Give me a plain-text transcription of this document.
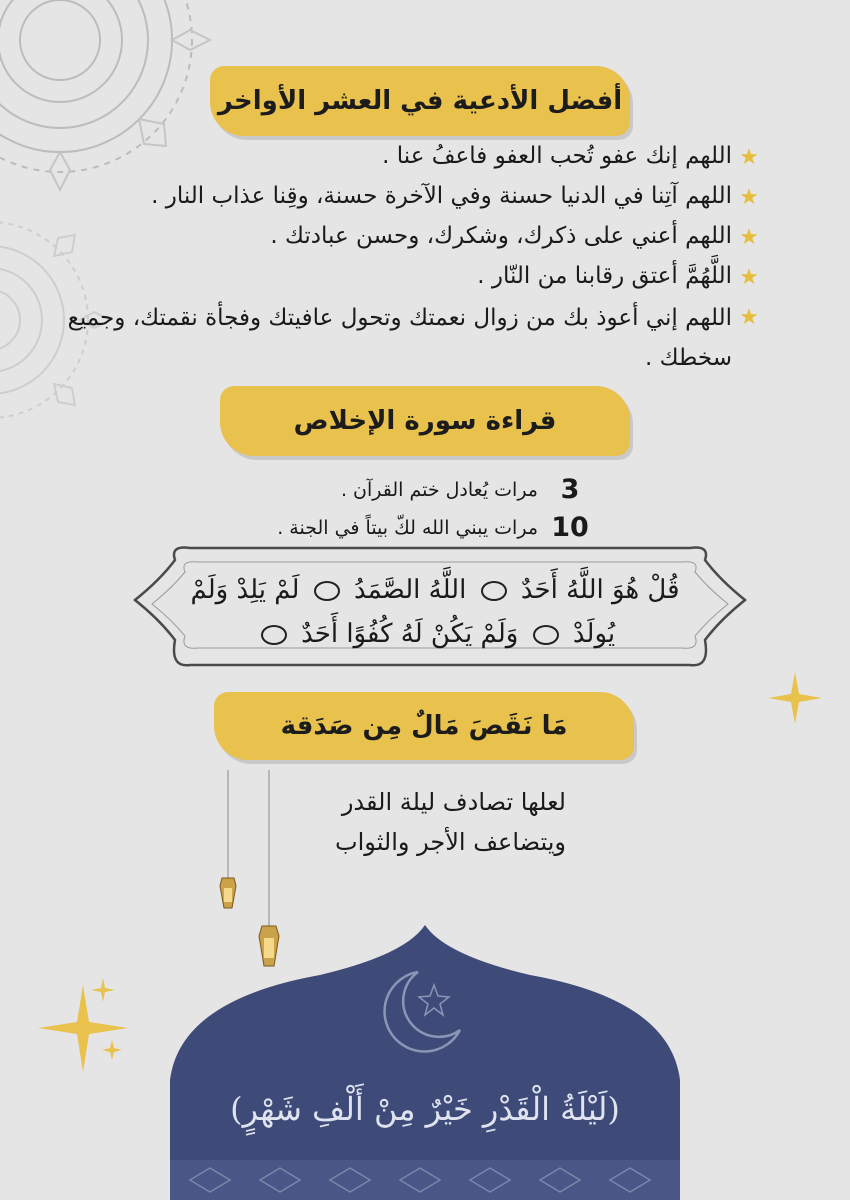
أفضل الأدعية في العشر الأواخر
★
اللهم إنك عفو تُحب العفو فاعفُ عنا .
★
اللهم آتِنا في الدنيا حسنة وفي الآخرة حسنة، وقِنا عذاب النار .
★
اللهم أعني على ذكرك، وشكرك، وحسن عبادتك .
★
اللَّهُمَّ أعتق رقابنا من النّار .
★
اللهم إني أعوذ بك من زوال نعمتك وتحول عافيتك وفجأة نقمتك، وجميع سخطك .
قراءة سورة الإخلاص
3
مرات يُعادل ختم القرآن .
10
مرات يبني الله لكّ بيتاً في الجنة .
قُلْ هُوَ اللَّهُ أَحَدٌ  اللَّهُ الصَّمَدُ  لَمْ يَلِدْ وَلَمْ
يُولَدْ  وَلَمْ يَكُنْ لَهُ كُفُوًا أَحَدٌ
مَا نَقَصَ مَالٌ مِن صَدَقة
لعلها تصادف ليلة القدر
ويتضاعف الأجر والثواب
(لَيْلَةُ الْقَدْرِ خَيْرٌ مِنْ أَلْفِ شَهْرٍ)
